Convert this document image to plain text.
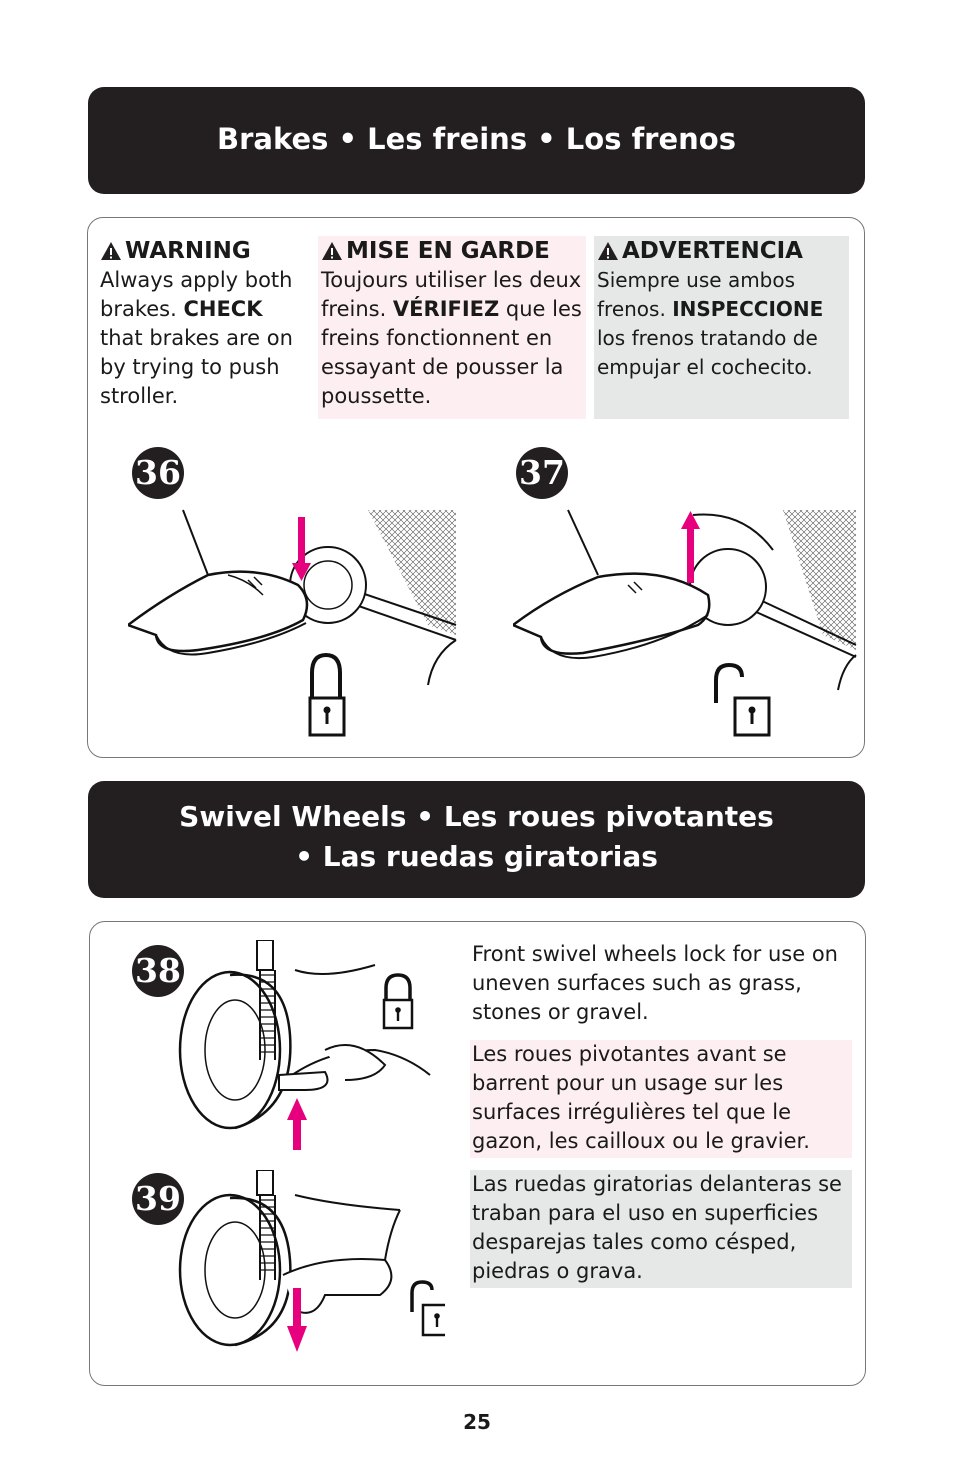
Brakes • Les freins • Los frenos
WARNING

Always apply both brakes. CHECK that brakes are on by trying to push stroller.

MISE EN GARDE

Toujours utiliser les deux freins. VÉRIFIEZ que les freins fonctionnent en essayant de pousser la poussette.

ADVERTENCIA

Siempre use ambos frenos. INSPECCIONE los frenos tratando de empujar el cochecito.

36	37
Swivel Wheels • Les roues pivotantes
• Las ruedas giratorias
38
39
Front swivel wheels lock for use on uneven surfaces such as grass, stones or gravel.
Les roues pivotantes avant se barrent pour un usage sur les surfaces irrégulières tel que le gazon, les cailloux ou le gravier.
Las ruedas giratorias delanteras se traban para el uso en superficies desparejas tales como césped, piedras o grava.
25
